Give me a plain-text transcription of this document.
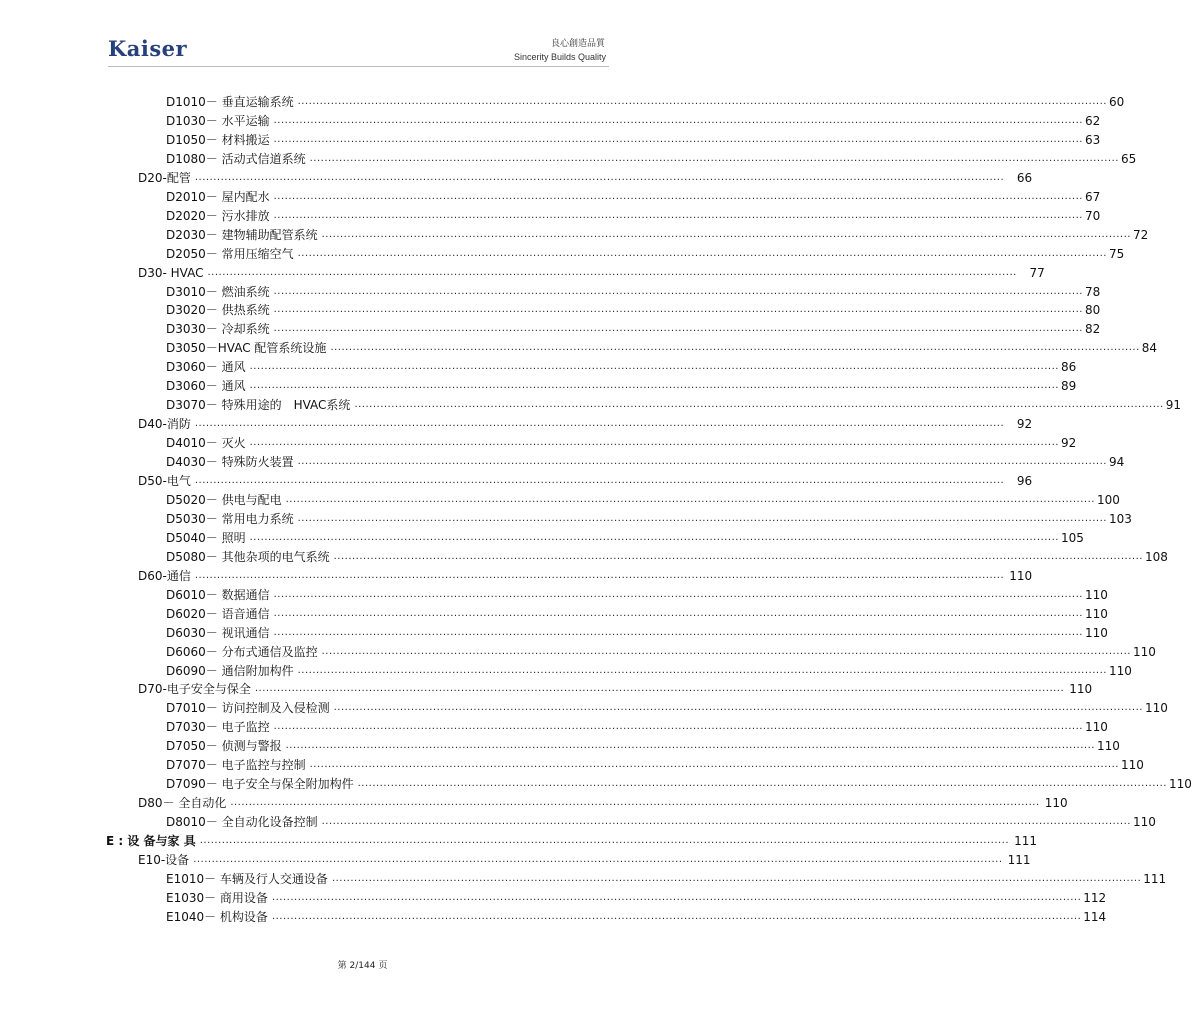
Kaiser	良心創造品質
Sincerity Builds Quality
D1010－ 垂直运输系统 ............................................................................................................................................................................................................................ 60
D1030－ 水平运输 ............................................................................................................................................................................................................................ 62
D1050－ 材料搬运 ............................................................................................................................................................................................................................ 63
D1080－ 活动式信道系统 ............................................................................................................................................................................................................................ 65
D20-配管 ............................................................................................................................................................................................................................	66
D2010－ 屋内配水 ............................................................................................................................................................................................................................ 67
D2020－ 污水排放 ............................................................................................................................................................................................................................ 70
D2030－ 建物辅助配管系统 ............................................................................................................................................................................................................................ 72
D2050－ 常用压缩空气 ............................................................................................................................................................................................................................ 75
D30- HVAC ............................................................................................................................................................................................................................	77
D3010－ 燃油系统 ............................................................................................................................................................................................................................ 78
D3020－ 供热系统 ............................................................................................................................................................................................................................ 80
D3030－ 冷却系统 ............................................................................................................................................................................................................................ 82
D3050－HVAC 配管系统设施 ............................................................................................................................................................................................................................ 84
D3060－ 通风 ............................................................................................................................................................................................................................ 86
D3060－ 通风 ............................................................................................................................................................................................................................ 89
D3070－ 特殊用途的　HVAC系统 ............................................................................................................................................................................................................................ 91
D40-消防 ............................................................................................................................................................................................................................	92
D4010－ 灭火 ............................................................................................................................................................................................................................ 92
D4030－ 特殊防火装置 ............................................................................................................................................................................................................................ 94
D50-电气 ............................................................................................................................................................................................................................	96
D5020－ 供电与配电 ............................................................................................................................................................................................................................ 100
D5030－ 常用电力系统 ............................................................................................................................................................................................................................ 103
D5040－ 照明 ............................................................................................................................................................................................................................ 105
D5080－ 其他杂项的电气系统 ............................................................................................................................................................................................................................ 108
D60-通信 ............................................................................................................................................................................................................................ 110
D6010－ 数据通信 ............................................................................................................................................................................................................................ 110
D6020－ 语音通信 ............................................................................................................................................................................................................................ 110
D6030－ 视讯通信 ............................................................................................................................................................................................................................ 110
D6060－ 分布式通信及监控 ............................................................................................................................................................................................................................ 110
D6090－ 通信附加构件 ............................................................................................................................................................................................................................ 110
D70-电子安全与保全 ............................................................................................................................................................................................................................ 110
D7010－ 访问控制及入侵检测 ............................................................................................................................................................................................................................ 110
D7030－ 电子监控 ............................................................................................................................................................................................................................ 110
D7050－ 侦测与警报 ............................................................................................................................................................................................................................ 110
D7070－ 电子监控与控制 ............................................................................................................................................................................................................................ 110
D7090－ 电子安全与保全附加构件 ............................................................................................................................................................................................................................ 110
D80－ 全自动化 ............................................................................................................................................................................................................................ 110
D8010－ 全自动化设备控制 ............................................................................................................................................................................................................................ 110
E : 设 备与家 具 ............................................................................................................................................................................................................................ 111
E10-设备 ............................................................................................................................................................................................................................ 111
E1010－ 车辆及行人交通设备 ............................................................................................................................................................................................................................ 111
E1030－ 商用设备 ............................................................................................................................................................................................................................ 112
E1040－ 机构设备 ............................................................................................................................................................................................................................ 114
第 2/144 页
